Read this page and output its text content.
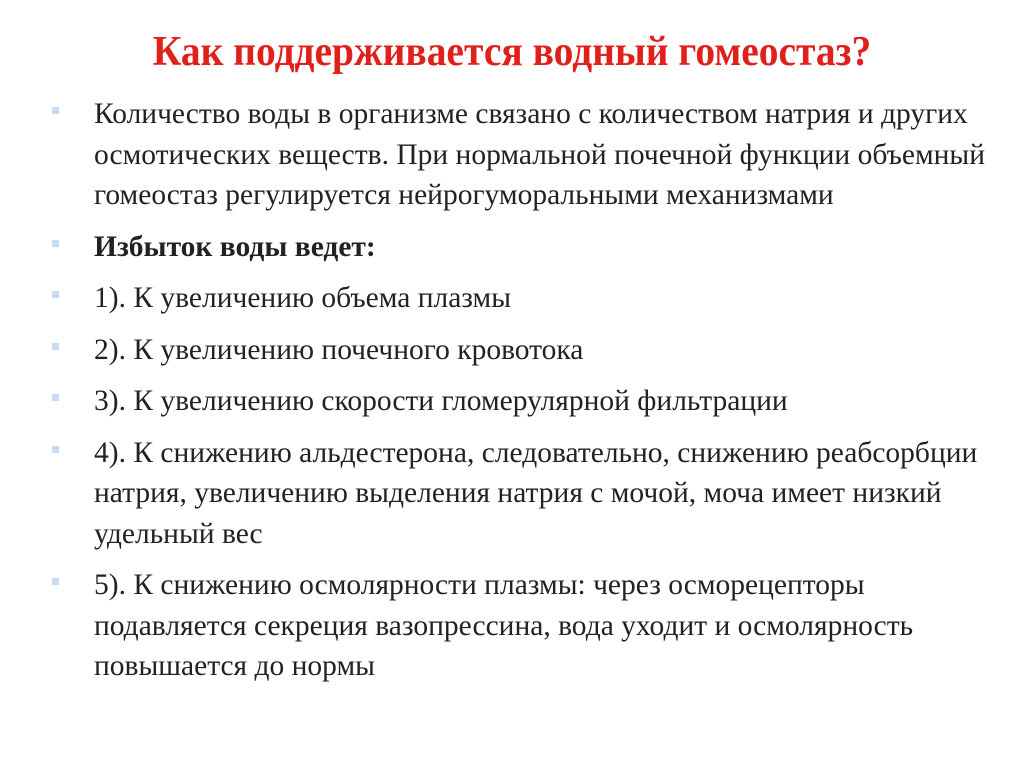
Как поддерживается водный гомеостаз?
Количество воды в организме связано с количеством натрия и других осмотических веществ. При нормальной почечной функции объемный гомеостаз регулируется нейрогуморальными механизмами
Избыток воды ведет:
1). К увеличению объема плазмы
2). К увеличению почечного кровотока
3). К увеличению скорости гломерулярной фильтрации
4). К снижению альдестерона, следовательно, снижению реабсорбции натрия, увеличению выделения натрия с мочой, моча имеет низкий удельный вес
5). К снижению осмолярности плазмы: через осморецепторы подавляется секреция вазопрессина, вода уходит и осмолярность повышается до нормы
